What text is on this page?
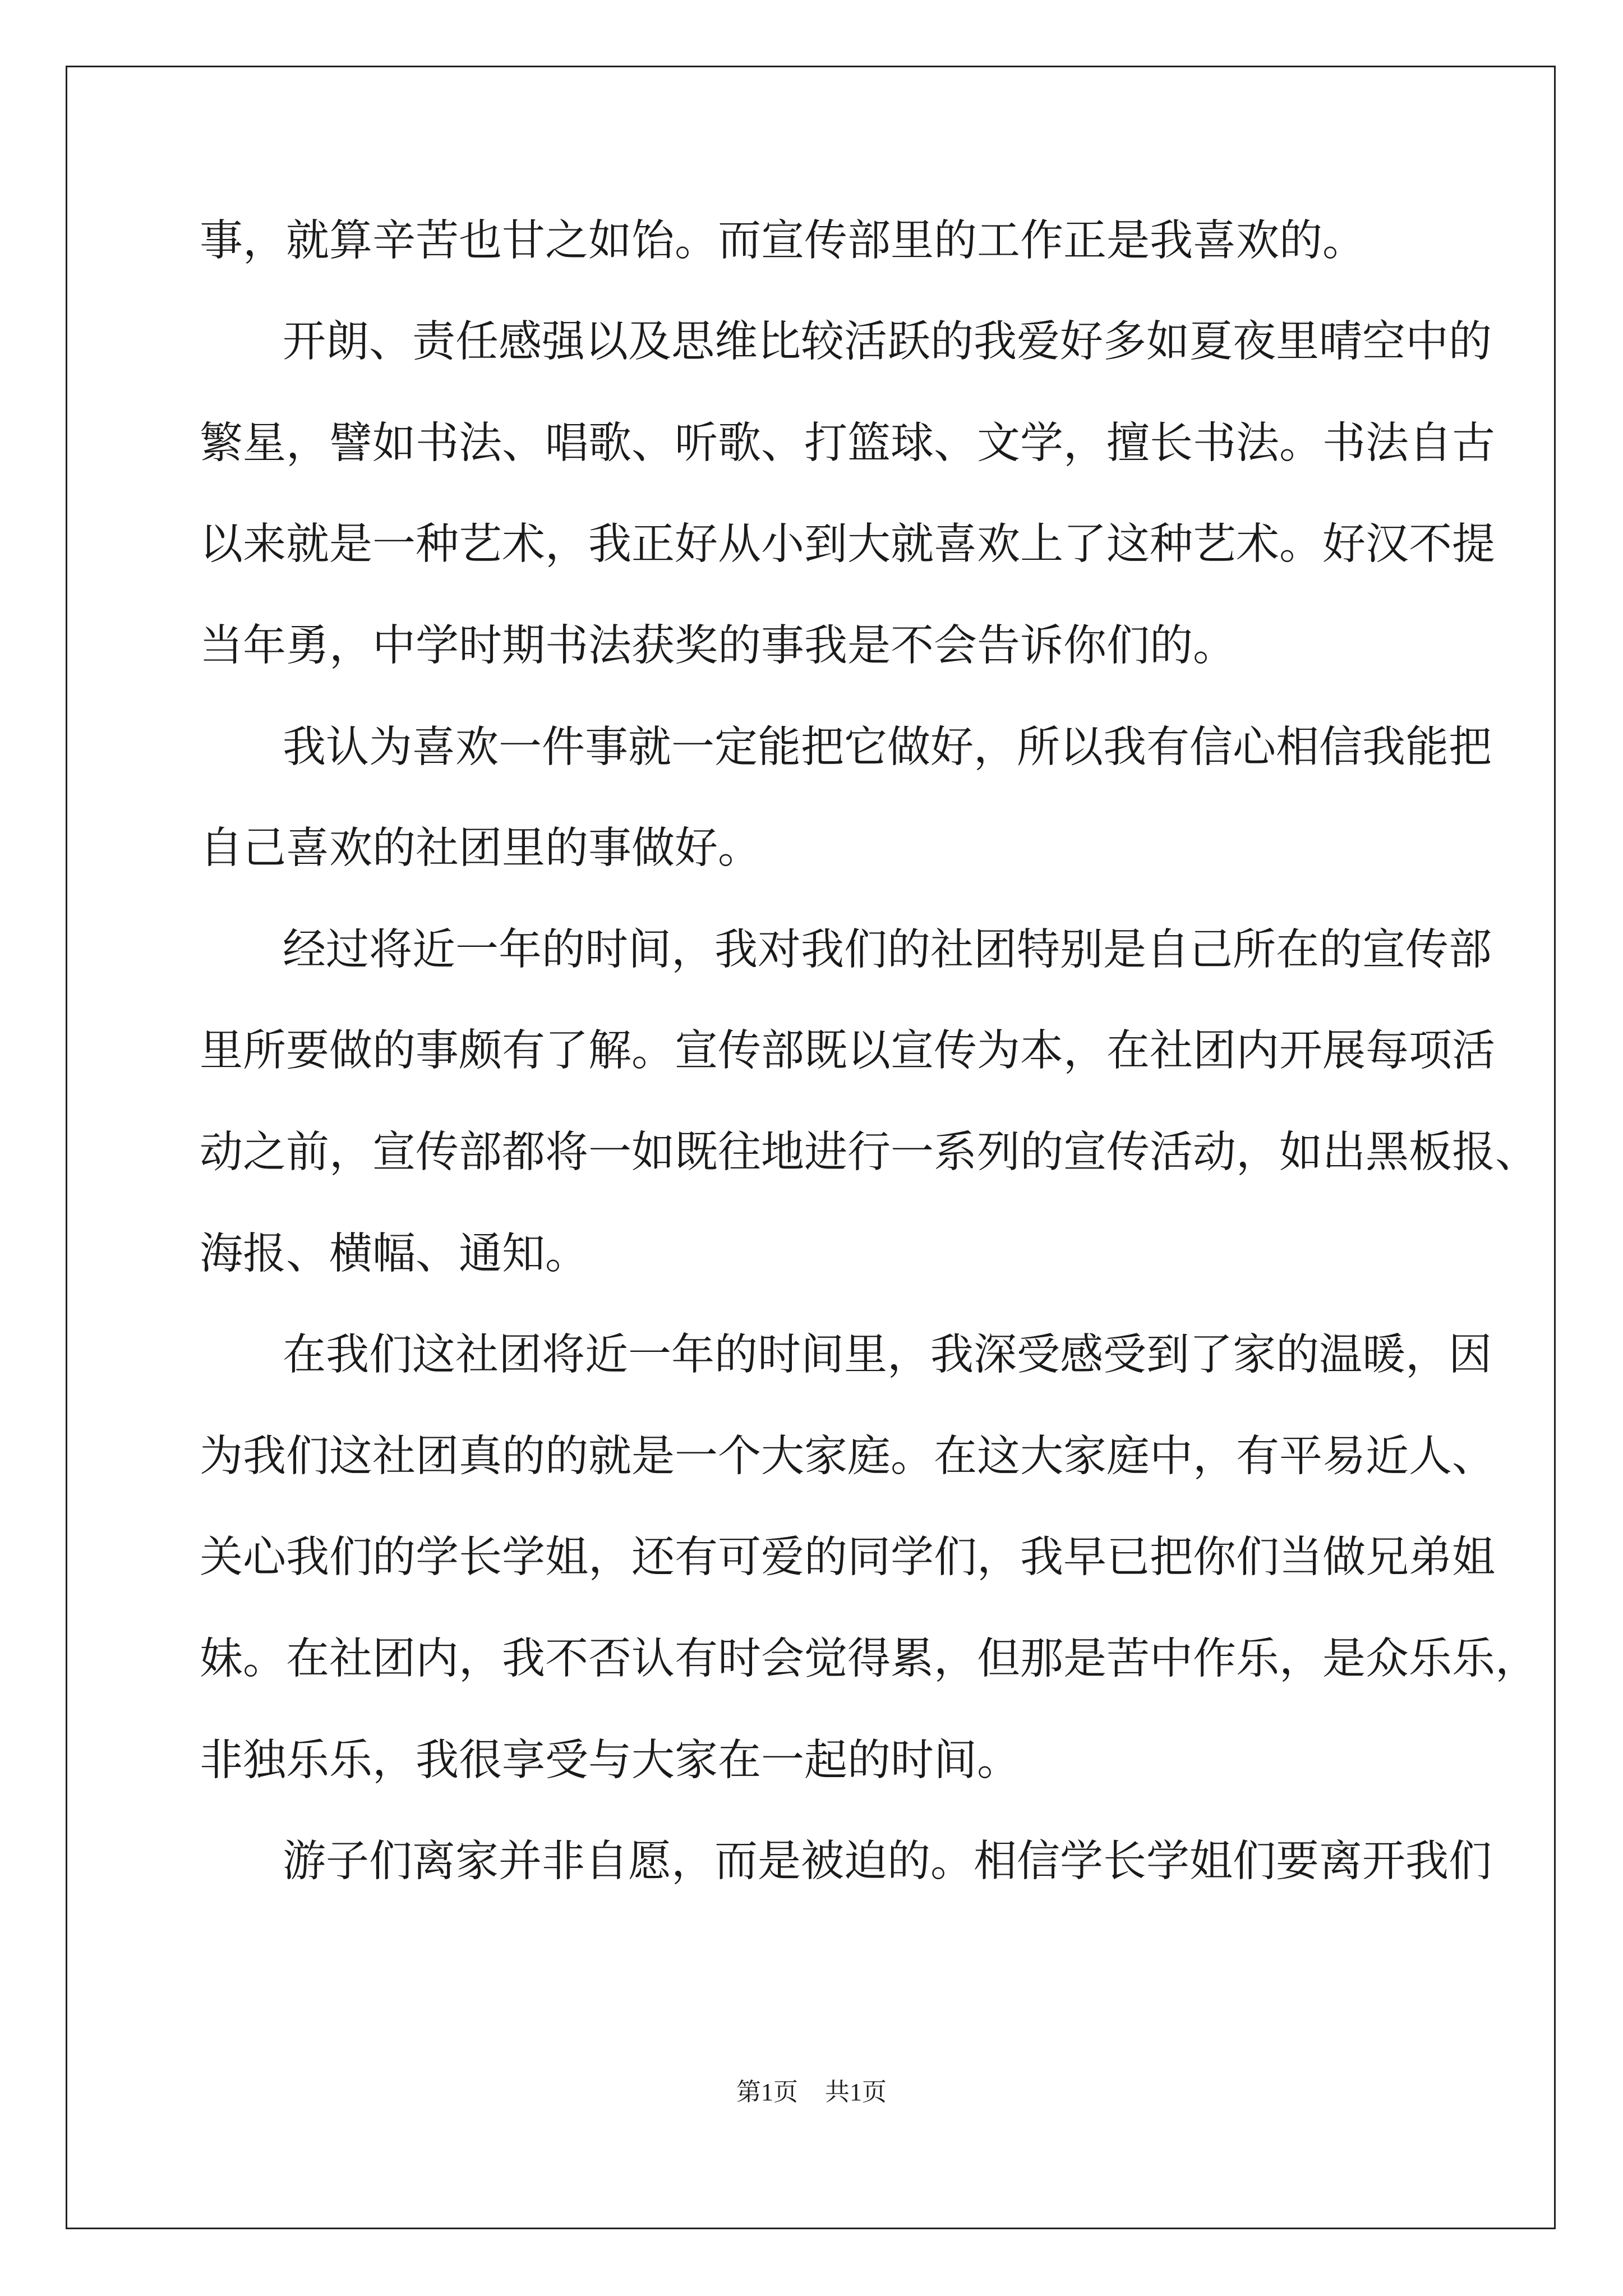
事，就算辛苦也甘之如饴。而宣传部里的工作正是我喜欢的。
开朗、责任感强以及思维比较活跃的我爱好多如夏夜里晴空中的
繁星，譬如书法、唱歌、听歌、打篮球、文学，擅长书法。书法自古
以来就是一种艺术，我正好从小到大就喜欢上了这种艺术。好汉不提
当年勇，中学时期书法获奖的事我是不会告诉你们的。
我认为喜欢一件事就一定能把它做好，所以我有信心相信我能把
自己喜欢的社团里的事做好。
经过将近一年的时间，我对我们的社团特别是自己所在的宣传部
里所要做的事颇有了解。宣传部既以宣传为本，在社团内开展每项活
动之前，宣传部都将一如既往地进行一系列的宣传活动，如出黑板报、
海报、横幅、通知。
在我们这社团将近一年的时间里，我深受感受到了家的温暖，因
为我们这社团真的的就是一个大家庭。在这大家庭中，有平易近人、
关心我们的学长学姐，还有可爱的同学们，我早已把你们当做兄弟姐
妹。在社团内，我不否认有时会觉得累，但那是苦中作乐，是众乐乐，
非独乐乐，我很享受与大家在一起的时间。
游子们离家并非自愿，而是被迫的。相信学长学姐们要离开我们
第1页 共1页
